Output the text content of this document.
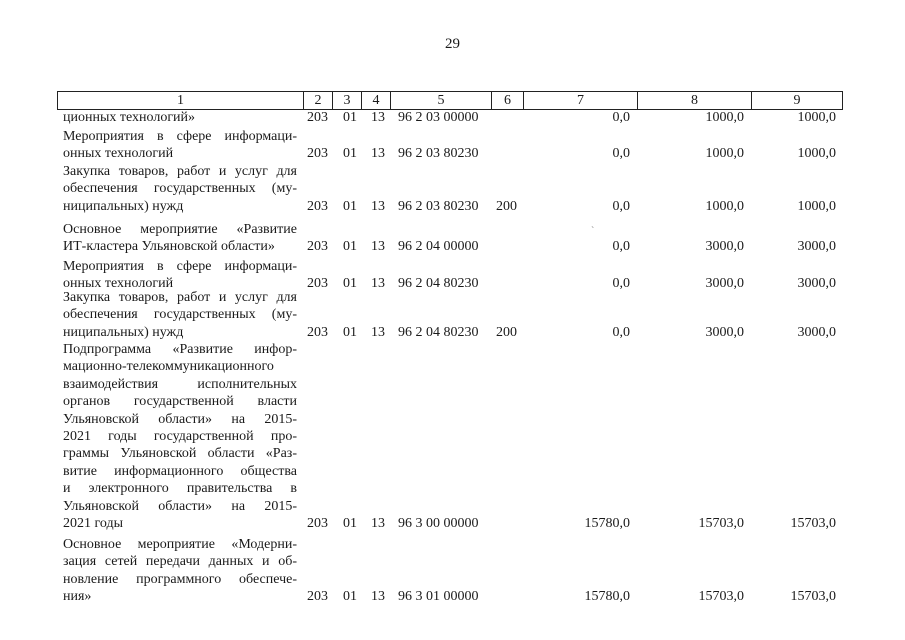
29
1	2	3	4	5	6	7	8	9
ционных технологий»	203 01 13 96 2 03 00000	0,0	1000,0	1000,0
Мероприятия в сфере информаци-
онных технологий	203 01 13 96 2 03 80230	0,0	1000,0	1000,0
Закупка товаров, работ и услуг для
обеспечения государственных (му-
ниципальных) нужд	203 01 13 96 2 03 80230 200	0,0	1000,0	1000,0
Основное мероприятие «Развитие
ИТ-кластера Ульяновской области»	203 01 13 96 2 04 00000	0,0	3000,0	3000,0
Мероприятия в сфере информаци-
онных технологий	203 01 13 96 2 04 80230	0,0	3000,0	3000,0
Закупка товаров, работ и услуг для
обеспечения государственных (му-
ниципальных) нужд	203 01 13 96 2 04 80230 200	0,0	3000,0	3000,0
Подпрограмма «Развитие инфор-
мационно-телекоммуникационного
взаимодействия исполнительных
органов государственной власти
Ульяновской области» на 2015-
2021 годы государственной про-
граммы Ульяновской области «Раз-
витие информационного общества
и электронного правительства в
Ульяновской области» на 2015-
2021 годы	203 01 13 96 3 00 00000	15780,0	15703,0	15703,0
Основное мероприятие «Модерни-
зация сетей передачи данных и об-
новление программного обеспече-
ния»	203 01 13 96 3 01 00000	15780,0	15703,0	15703,0
`
